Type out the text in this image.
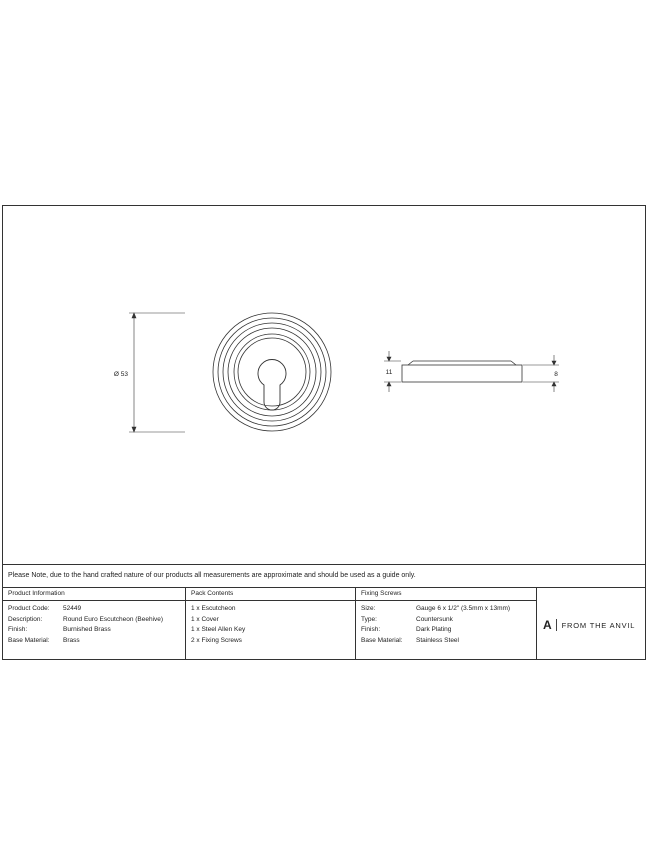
Ø 53	11	8
Please Note, due to the hand crafted nature of our products all measurements are approximate and should be used as a guide only.
Product Information
Product Code: 52449
Description:	Round Euro Escutcheon (Beehive)
Finish:	Burnished Brass
Base Material: Brass
Pack Contents
1 x Escutcheon
1 x Cover
1 x Steel Allen Key
2 x Fixing Screws
Fixing Screws
Size:	Gauge 6 x 1/2" (3.5mm x 13mm)
Type:	Countersunk
Finish:	Dark Plating
Base Material: Stainless Steel
A FROM THE ANVIL
